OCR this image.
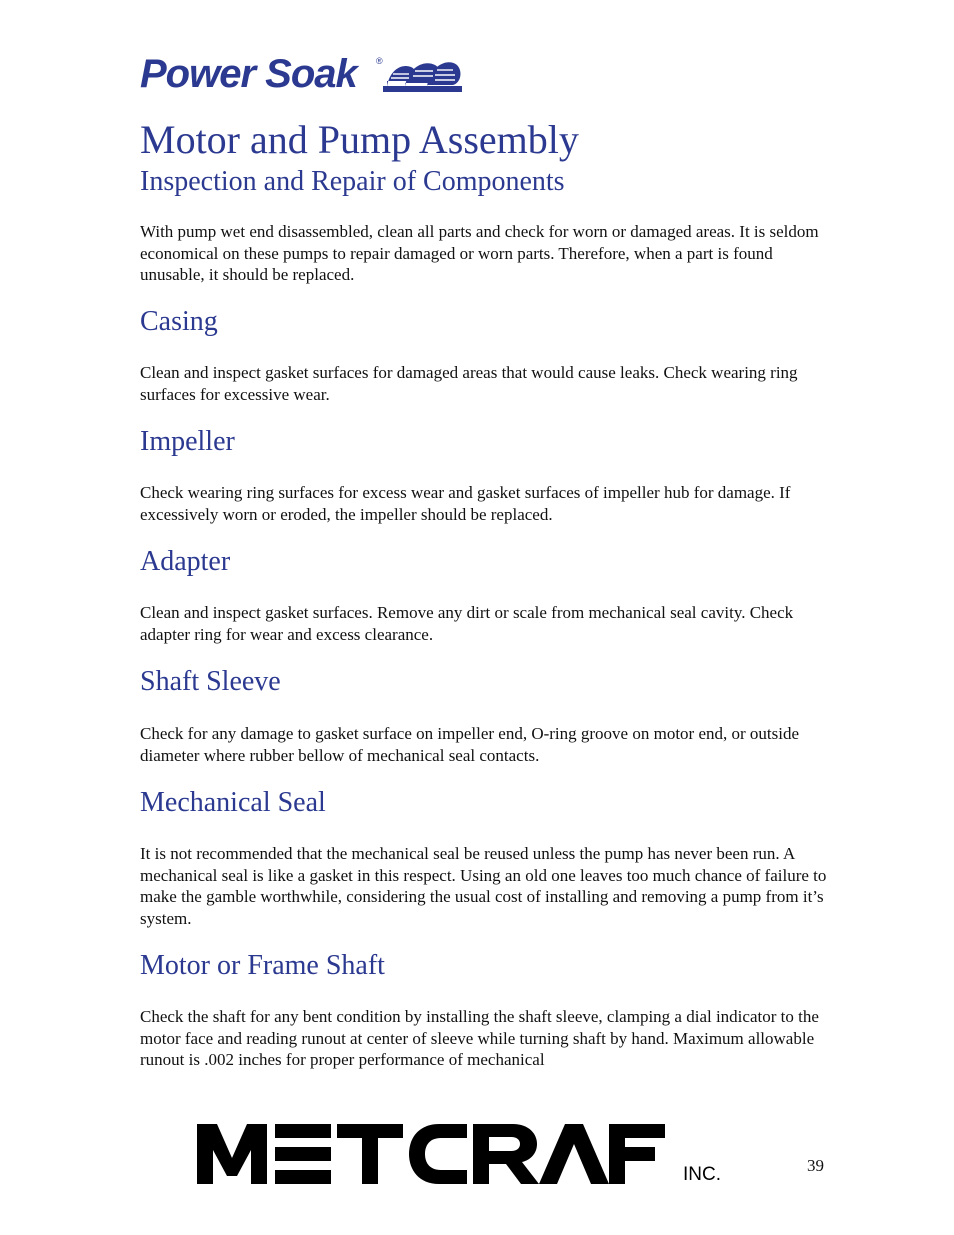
Power Soak ®
Motor and Pump Assembly
Inspection and Repair of Components

With pump wet end disassembled, clean all parts and check for worn or damaged areas. It is seldom economical on these pumps to repair damaged or worn parts. Therefore, when a part is found unusable, it should be replaced.

Casing

Clean and inspect gasket surfaces for damaged areas that would cause leaks. Check wearing ring surfaces for excessive wear.

Impeller

Check wearing ring surfaces for excess wear and gasket surfaces of impeller hub for damage. If excessively worn or eroded, the impeller should be replaced.

Adapter

Clean and inspect gasket surfaces. Remove any dirt or scale from mechanical seal cavity. Check adapter ring for wear and excess clearance.

Shaft Sleeve

Check for any damage to gasket surface on impeller end, O-ring groove on motor end, or outside diameter where rubber bellow of mechanical seal contacts.

Mechanical Seal

It is not recommended that the mechanical seal be reused unless the pump has never been run. A mechanical seal is like a gasket in this respect. Using an old one leaves too much chance of failure to make the gamble worthwhile, considering the usual cost of installing and removing a pump from it’s system.

Motor or Frame Shaft

Check the shaft for any bent condition by installing the shaft sleeve, clamping a dial indicator to the motor face and reading runout at center of sleeve while turning shaft by hand. Maximum allowable runout is .002 inches for proper performance of mechanical

INC.	39
